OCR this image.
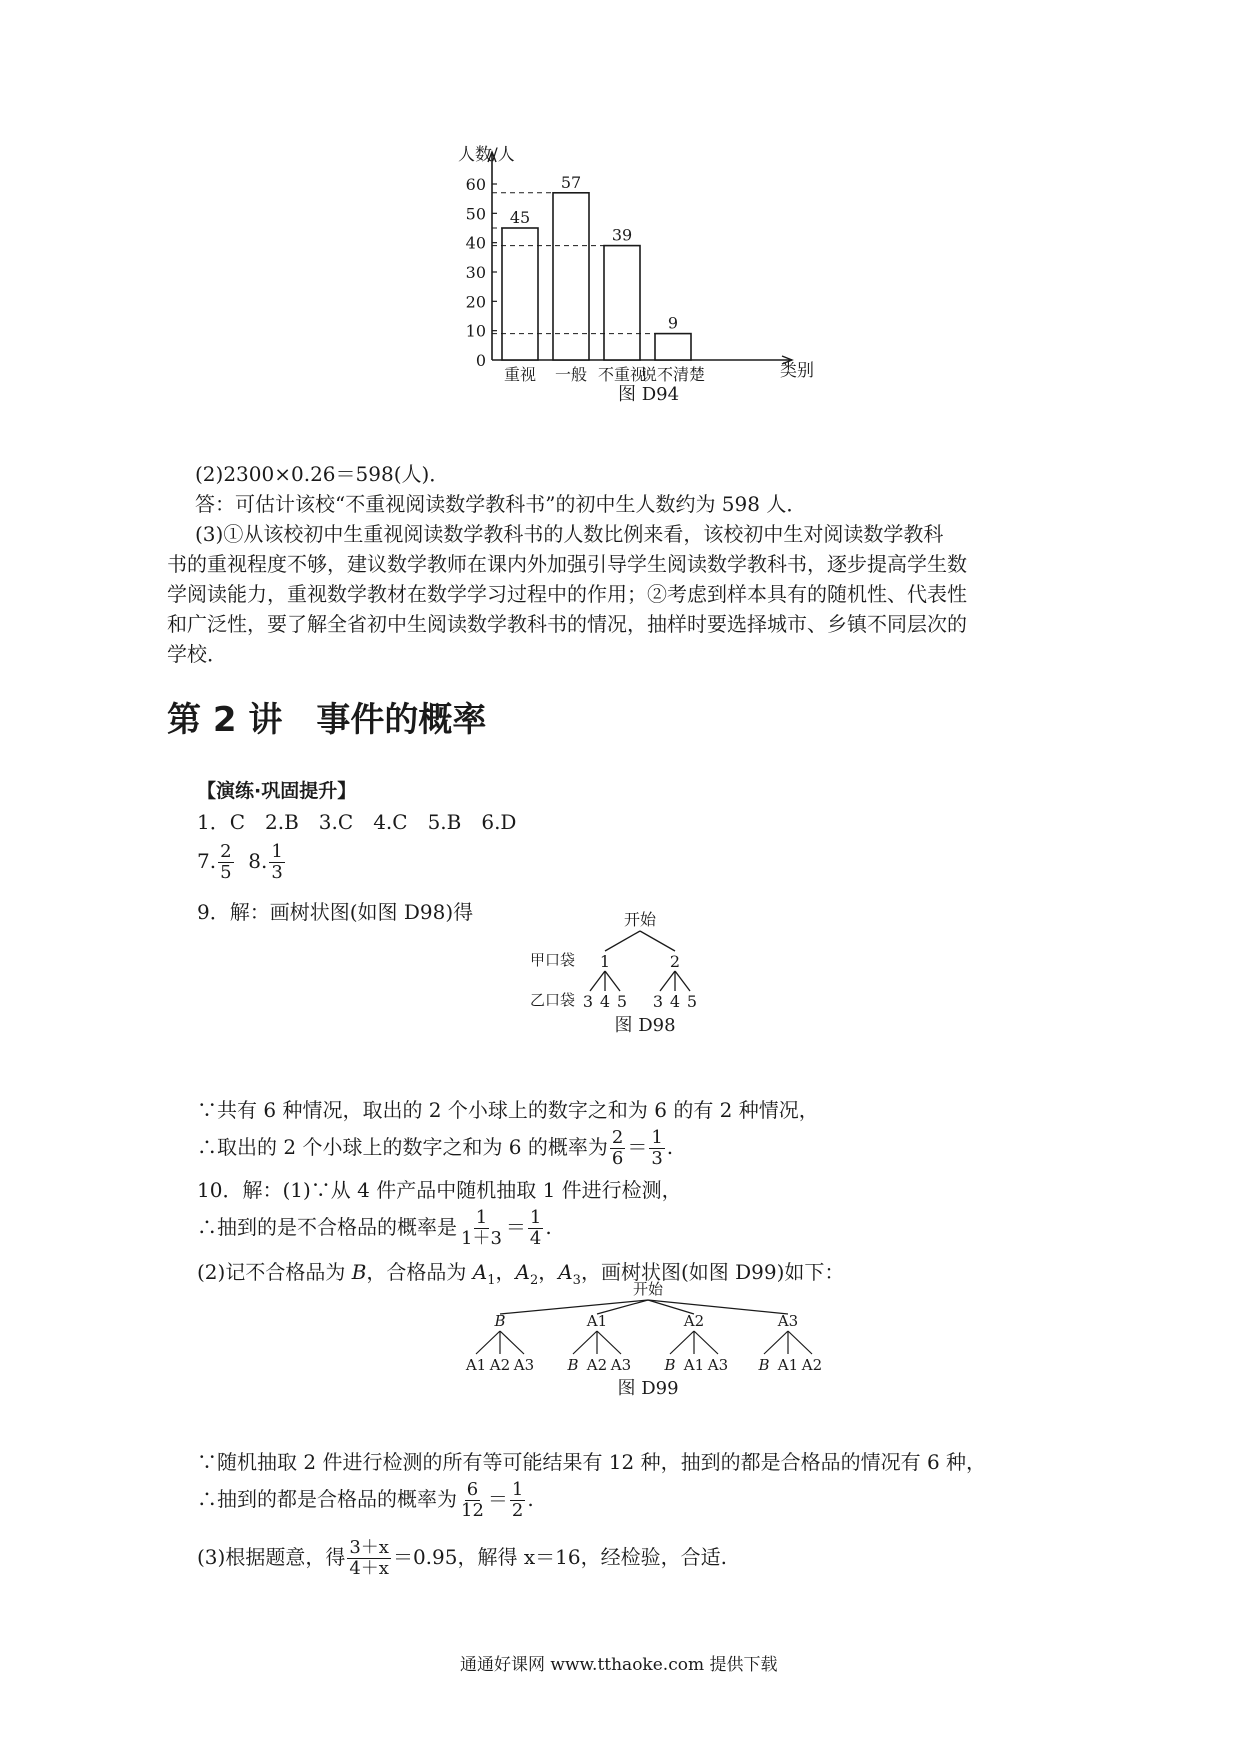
0
10
20
30
40
50
60
45
重视
57
一般
39
不重视
9
说不清楚
人数/人
类别
图 D94
(2)2300×0.26＝598(人)．
答：可估计该校“不重视阅读数学教科书”的初中生人数约为 598 人．
(3)①从该校初中生重视阅读数学教科书的人数比例来看，该校初中生对阅读数学教科
书的重视程度不够，建议数学教师在课内外加强引导学生阅读数学教科书，逐步提高学生数
学阅读能力，重视数学教材在数学学习过程中的作用；②考虑到样本具有的随机性、代表性
和广泛性，要了解全省初中生阅读数学教科书的情况，抽样时要选择城市、乡镇不同层次的
学校．
第 2 讲　事件的概率
【演练·巩固提升】
1．C　2.B　3.C　4.C　5.B　6.D
7. $\frac{2}{5} 8$. $\frac{1}{3}$
9．解：画树状图(如图 D98)得	开始
1	2
3 4 5 3 4 5
图 D98
甲口袋
乙口袋
∵共有 6 种情况，取出的 2 个小球上的数字之和为 6 的有 2 种情况，
∴取出的 2 个小球上的数字之和为 6 的概率为 $\frac{2}{6} = \frac{1}{3}$ .
10．解：(1)∵从 4 件产品中随机抽取 1 件进行检测，
∴抽到的是不合格品的概率是 $\frac{1}{1+3} = \frac{1}{4}$ .
(2)记不合格品为 B，合格品为 $A_1$，$A_2$，$A_3$，画树状图(如图 D99)如下：
开始
图 D99
B
A1 A2 A3
A1
B A2 A3
A2
B A1 A3
A3
B A1 A2
∵随机抽取 2 件进行检测的所有等可能结果有 12 种，抽到的都是合格品的情况有 6 种，
∴抽到的都是合格品的概率为 $\frac{6}{12} = \frac{1}{2}$ .
(3)根据题意，得 $\frac{3+x}{4+x} =0.95$，解得 x＝16，经检验，合适.
通通好课网 www.tthaoke.com 提供下载
